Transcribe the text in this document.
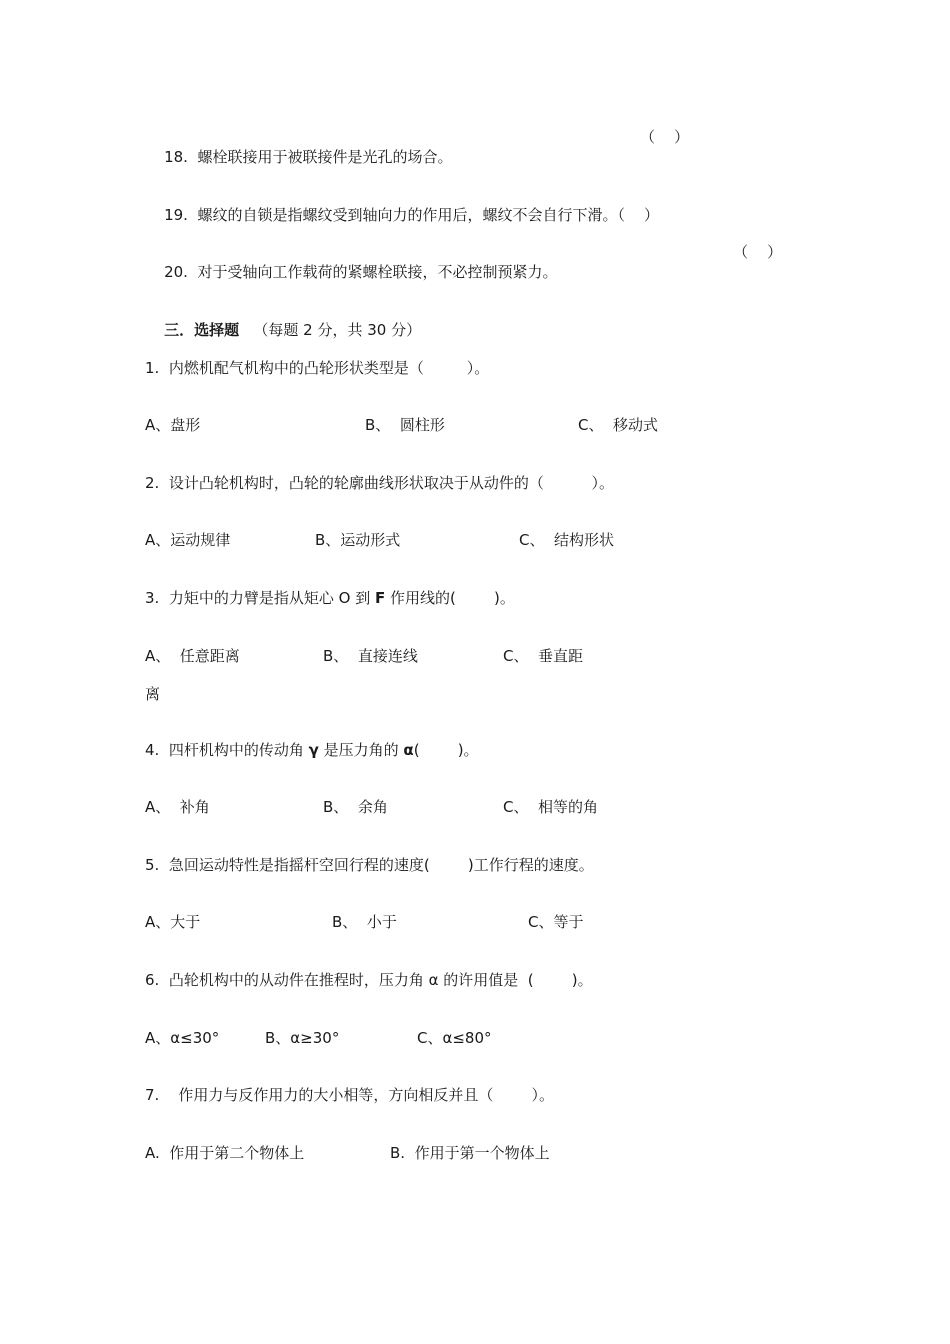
18. 螺栓联接用于被联接件是光孔的场合。

（    ）

19. 螺纹的自锁是指螺纹受到轴向力的作用后，螺纹不会自行下滑。（    ）

20. 对于受轴向工作载荷的紧螺栓联接，不必控制预紧力。

（    ）

三．选择题 （每题 2 分，共 30 分）

1.  内燃机配气机构中的凸轮形状类型是（         ）。
A、盘形	B、  圆柱形	C、  移动式
2.  设计凸轮机构时，凸轮的轮廓曲线形状取决于从动件的（          ）。
A、运动规律	B、运动形式	C、  结构形状
3.  力矩中的力臂是指从矩心 O 到 F 作用线的(        )。
A、  任意距离	B、  直接连线	C、  垂直距
离
4.  四杆机构中的传动角 γ 是压力角的 α(        )。
A、  补角	B、  余角	C、  相等的角
5.  急回运动特性是指摇杆空回行程的速度(        )工作行程的速度。
A、大于	B、  小于	C、等于
6.  凸轮机构中的从动件在推程时，压力角 α 的许用值是  (        )。
A、α≤30°	B、α≥30°	C、α≤80°
7.    作用力与反作用力的大小相等，方向相反并且（        ）。
A.  作用于第二个物体上	B.  作用于第一个物体上
